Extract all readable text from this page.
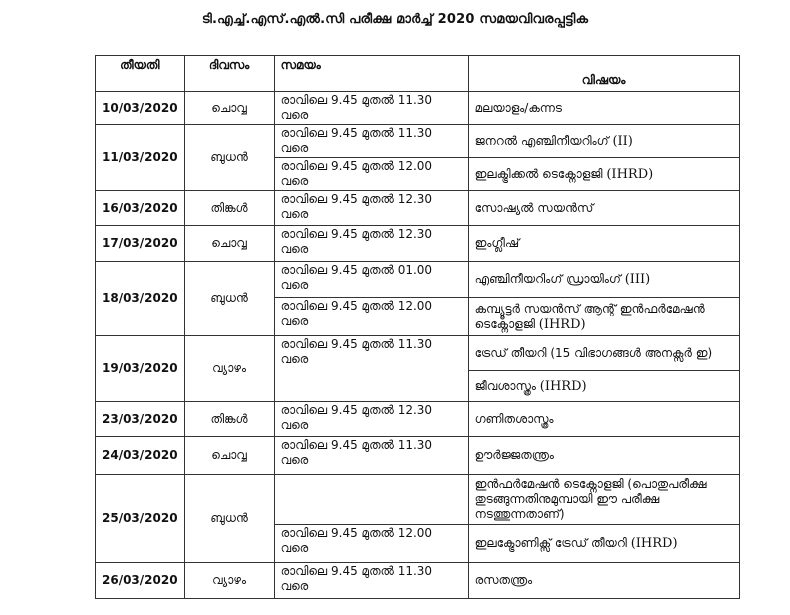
ടി.എച്ച്.എസ്.എൽ.സി പരീക്ഷ മാർച്ച് 2020 സമയവിവരപ്പട്ടിക
തീയതി	ദിവസം	സമയം	വിഷയം
10/03/2020	ചൊവ്വ	രാവിലെ 9.45 മുതൽ 11.30 വരെ	മലയാളം/കന്നട
11/03/2020	ബുധൻ	രാവിലെ 9.45 മുതൽ 11.30 വരെ	ജനറൽ എഞ്ചിനീയറിംഗ് (II)
		രാവിലെ 9.45 മുതൽ 12.00 വരെ	ഇലക്ട്രിക്കൽ ടെക്നോളജി (IHRD)
16/03/2020	തിങ്കൾ	രാവിലെ 9.45 മുതൽ 12.30 വരെ	സോഷ്യൽ സയൻസ്
17/03/2020	ചൊവ്വ	രാവിലെ 9.45 മുതൽ 12.30 വരെ	ഇംഗ്ലീഷ്
18/03/2020	ബുധൻ	രാവിലെ 9.45 മുതൽ 01.00 വരെ	എഞ്ചിനീയറിംഗ് ഡ്രായിംഗ് (III)
		രാവിലെ 9.45 മുതൽ 12.00 വരെ	കമ്പ്യൂട്ടർ സയൻസ് ആന്റ് ഇൻഫർമേഷൻ ടെക്നോളജി (IHRD)
19/03/2020	വ്യാഴം	രാവിലെ 9.45 മുതൽ 11.30 വരെ	ട്രേഡ് തീയറി (15 വിഭാഗങ്ങൾ അനക്സർ ഇ)
			ജീവശാസ്ത്രം (IHRD)
23/03/2020	തിങ്കൾ	രാവിലെ 9.45 മുതൽ 12.30 വരെ	ഗണിതശാസ്ത്രം
24/03/2020	ചൊവ്വ	രാവിലെ 9.45 മുതൽ 11.30 വരെ	ഊർജ്ജതന്ത്രം
25/03/2020	ബുധൻ		ഇൻഫർമേഷൻ ടെക്നോളജി (പൊതുപരീക്ഷ തുടങ്ങുന്നതിനുമുമ്പായി ഈ പരീക്ഷ നടത്തുന്നതാണ്)
		രാവിലെ 9.45 മുതൽ 12.00 വരെ	ഇലക്ട്രോണിക്സ് ട്രേഡ് തീയറി (IHRD)
26/03/2020	വ്യാഴം	രാവിലെ 9.45 മുതൽ 11.30 വരെ	രസതന്ത്രം
